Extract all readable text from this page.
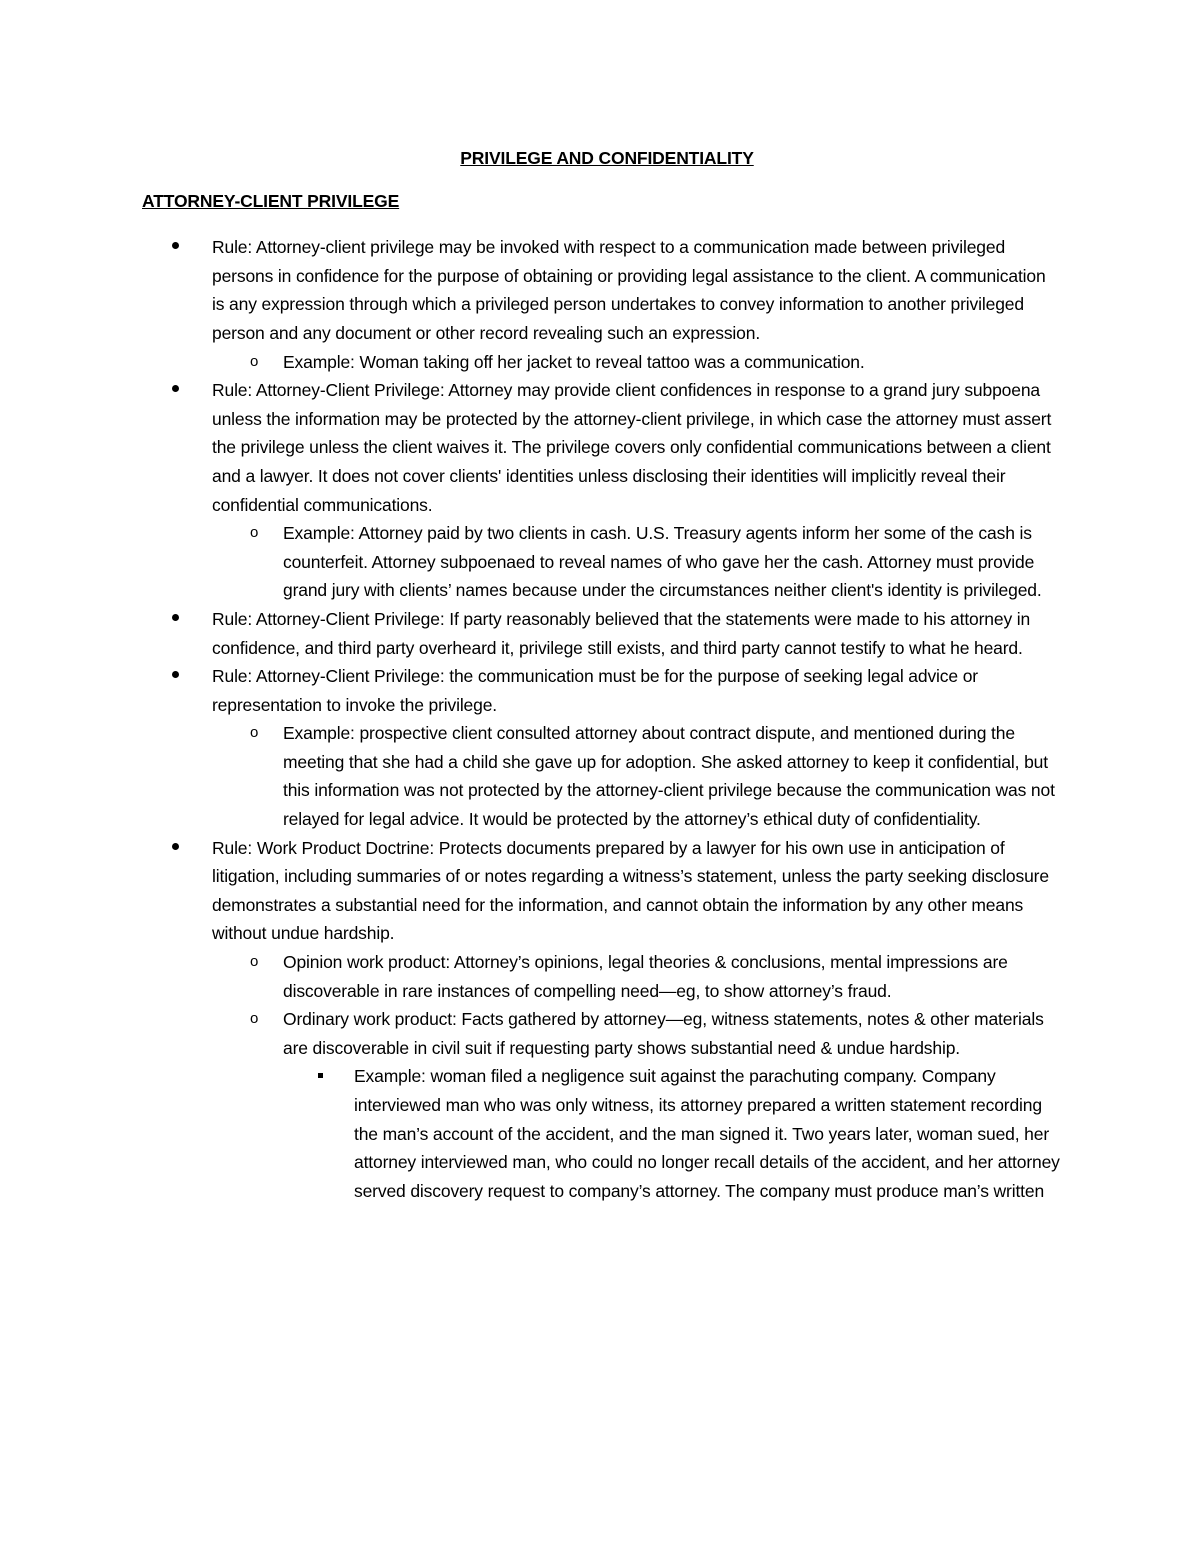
PRIVILEGE AND CONFIDENTIALITY

ATTORNEY-CLIENT PRIVILEGE

Rule: Attorney-client privilege may be invoked with respect to a communication made between privileged persons in confidence for the purpose of obtaining or providing legal assistance to the client. A communication is any expression through which a privileged person undertakes to convey information to another privileged person and any document or other record revealing such an expression.
o Example: Woman taking off her jacket to reveal tattoo was a communication.
Rule: Attorney-Client Privilege: Attorney may provide client confidences in response to a grand jury subpoena unless the information may be protected by the attorney-client privilege, in which case the attorney must assert the privilege unless the client waives it. The privilege covers only confidential communications between a client and a lawyer. It does not cover clients' identities unless disclosing their identities will implicitly reveal their confidential communications.
o Example: Attorney paid by two clients in cash. U.S. Treasury agents inform her some of the cash is counterfeit. Attorney subpoenaed to reveal names of who gave her the cash. Attorney must provide grand jury with clients’ names because under the circumstances neither client's identity is privileged.
Rule: Attorney-Client Privilege: If party reasonably believed that the statements were made to his attorney in confidence, and third party overheard it, privilege still exists, and third party cannot testify to what he heard.
Rule: Attorney-Client Privilege: the communication must be for the purpose of seeking legal advice or representation to invoke the privilege.
o Example: prospective client consulted attorney about contract dispute, and mentioned during the meeting that she had a child she gave up for adoption. She asked attorney to keep it confidential, but this information was not protected by the attorney-client privilege because the communication was not relayed for legal advice. It would be protected by the attorney’s ethical duty of confidentiality.
Rule: Work Product Doctrine: Protects documents prepared by a lawyer for his own use in anticipation of litigation, including summaries of or notes regarding a witness’s statement, unless the party seeking disclosure demonstrates a substantial need for the information, and cannot obtain the information by any other means without undue hardship.
o Opinion work product: Attorney’s opinions, legal theories & conclusions, mental impressions are discoverable in rare instances of compelling need—eg, to show attorney’s fraud.
o Ordinary work product: Facts gathered by attorney—eg, witness statements, notes & other materials are discoverable in civil suit if requesting party shows substantial need & undue hardship.
Example: woman filed a negligence suit against the parachuting company. Company interviewed man who was only witness, its attorney prepared a written statement recording the man’s account of the accident, and the man signed it. Two years later, woman sued, her attorney interviewed man, who could no longer recall details of the accident, and her attorney served discovery request to company’s attorney. The company must produce man’s written
